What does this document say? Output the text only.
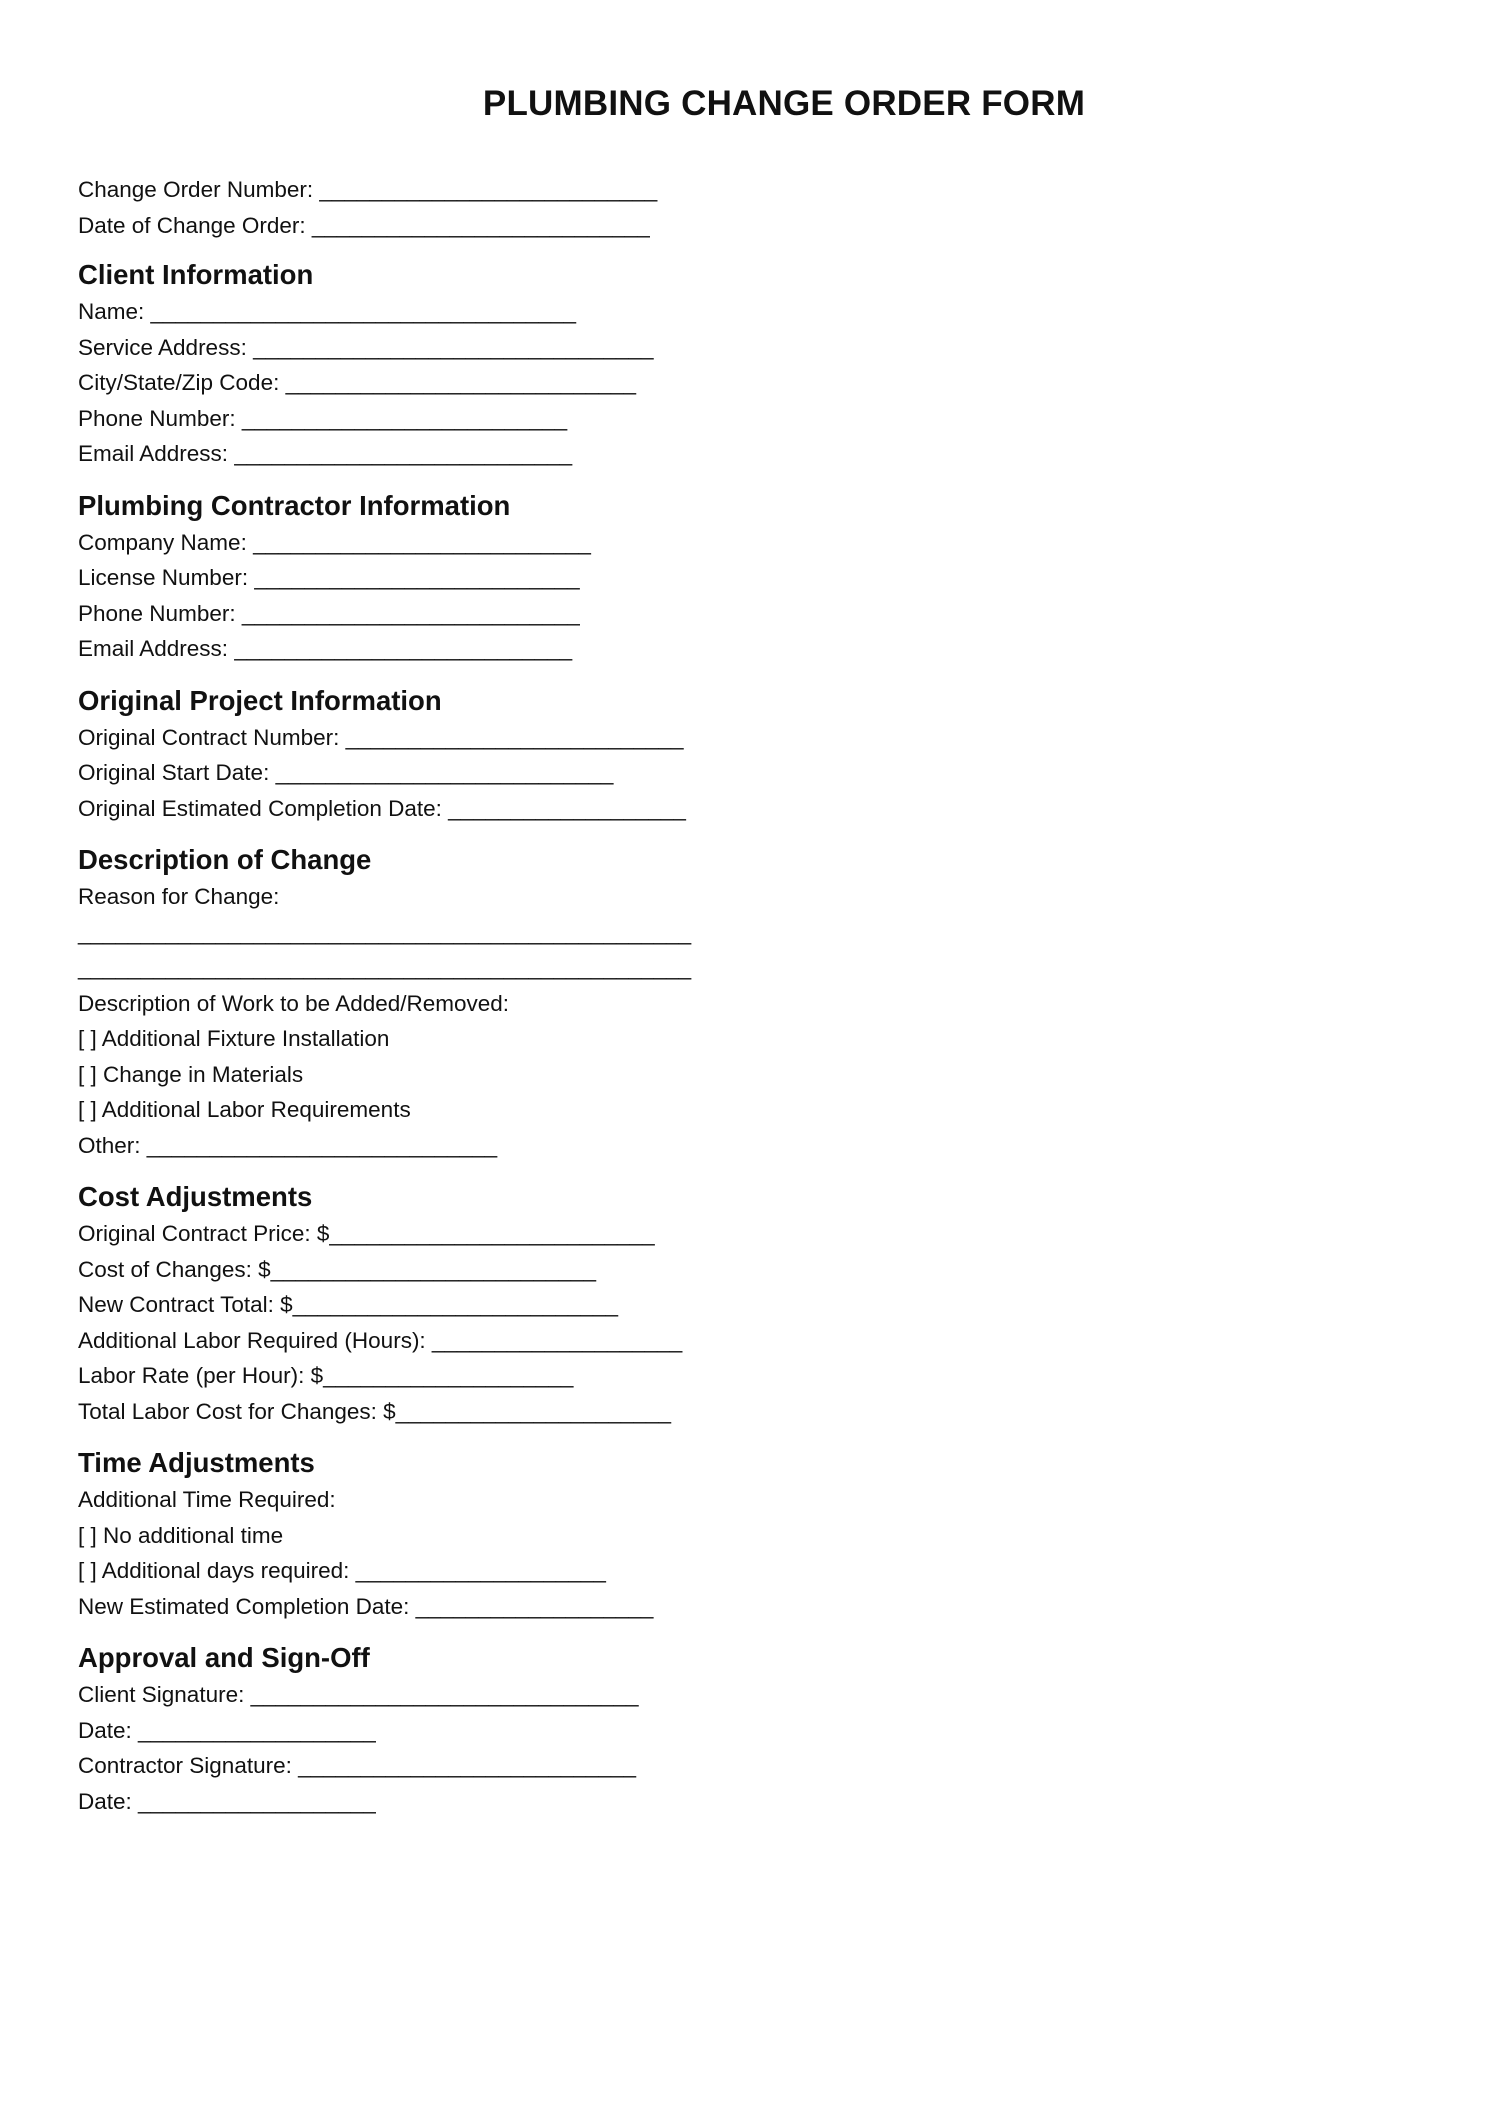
PLUMBING CHANGE ORDER FORM
Change Order Number: ___________________________
Date of Change Order: ___________________________
Client Information
Name: __________________________________
Service Address: ________________________________
City/State/Zip Code: ____________________________
Phone Number: __________________________
Email Address: ___________________________
Plumbing Contractor Information
Company Name: ___________________________
License Number: __________________________
Phone Number: ___________________________
Email Address: ___________________________
Original Project Information
Original Contract Number: ___________________________
Original Start Date: ___________________________
Original Estimated Completion Date: ___________________
Description of Change
Reason for Change:
_________________________________________________
_________________________________________________
Description of Work to be Added/Removed:
[ ] Additional Fixture Installation
[ ] Change in Materials
[ ] Additional Labor Requirements
Other: ____________________________
Cost Adjustments
Original Contract Price: $__________________________
Cost of Changes: $__________________________
New Contract Total: $__________________________
Additional Labor Required (Hours): ____________________
Labor Rate (per Hour): $____________________
Total Labor Cost for Changes: $______________________
Time Adjustments
Additional Time Required:
[ ] No additional time
[ ] Additional days required: ____________________
New Estimated Completion Date: ___________________
Approval and Sign-Off
Client Signature: _______________________________
Date: ___________________
Contractor Signature: ___________________________
Date: ___________________
